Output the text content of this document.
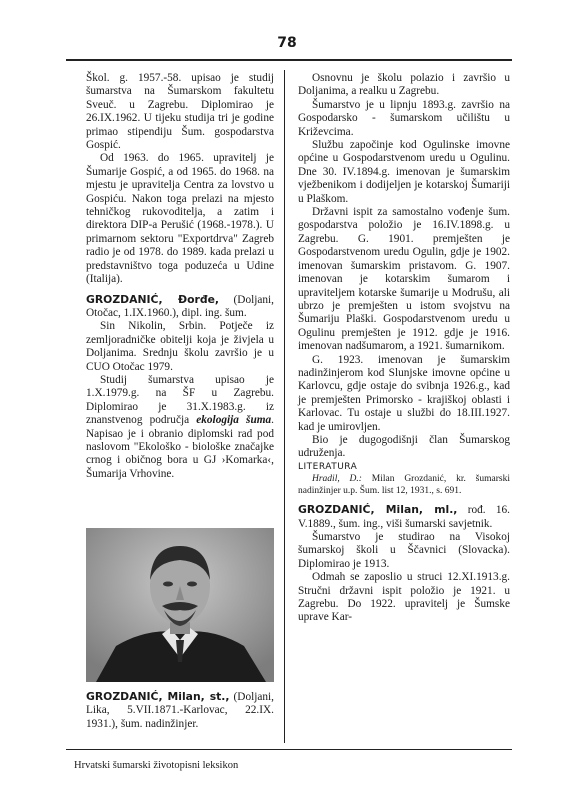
78

Škol. g. 1957.-58. upisao je studij šumarstva na Šumarskom fakultetu Sveuč. u Zagrebu. Diplomirao je 26.IX.1962. U tijeku studija tri je godine primao stipendiju Šum. gospodarstva Gospić.

Od 1963. do 1965. upravitelj je Šumarije Gospić, a od 1965. do 1968. na mjestu je upravitelja Centra za lovstvo u Gospiću. Nakon toga prelazi na mjesto tehničkog rukovoditelja, a zatim i direktora DIP-a Perušić (1968.-1978.). U primarnom sektoru "Exportdrva" Zagreb radio je od 1978. do 1989. kada prelazi u predstavništvo toga poduzeća u Udine (Italija).

GROZDANIĆ, Đorđe, (Doljani, Otočac, 1.IX.1960.), dipl. ing. šum.

Sin Nikolin, Srbin. Potječe iz zemljoradničke obitelji koja je živjela u Doljanima. Srednju školu završio je u CUO Otočac 1979.

Studij šumarstva upisao je 1.X.1979.g. na ŠF u Zagrebu. Diplomirao je 31.X.1983.g. iz znanstvenog područja ekologija šuma. Napisao je i obranio diplomski rad pod naslovom "Ekološko - biološke značajke crnog i običnog bora u GJ ›Komarka‹, Šumarija Vrhovine.

GROZDANIĆ, Milan, st., (Doljani, Lika, 5.VII.1871.-Karlovac, 22.IX. 1931.), šum. nadinžinjer.

Osnovnu je školu polazio i završio u Doljanima, a realku u Zagrebu.

Šumarstvo je u lipnju 1893.g. završio na Gospodarsko - šumarskom učilištu u Križevcima.

Službu započinje kod Ogulinske imovne općine u Gospodarstvenom uredu u Ogulinu. Dne 30. IV.1894.g. imenovan je šumarskim vježbenikom i dodijeljen je kotarskoj Šumariji u Plaškom.

Državni ispit za samostalno vođenje šum. gospodarstva položio je 16.IV.1898.g. u Zagrebu. G. 1901. premješten je Gospodarstvenom uredu Ogulin, gdje je 1902. imenovan šumarskim pristavom. G. 1907. imenovan je kotarskim šumarom i upraviteljem kotarske šumarije u Modrušu, ali ubrzo je premješten u istom svojstvu na Šumariju Plaški. Gospodarstvenom uredu u Ogulinu premješten je 1912. gdje je 1916. imenovan nadšumarom, a 1921. šumarnikom.

G. 1923. imenovan je šumarskim nadinžinjerom kod Slunjske imovne općine u Karlovcu, gdje ostaje do svibnja 1926.g., kad je premješten Primorsko - krajiškoj oblasti i Karlovac. Tu ostaje u službi do 18.III.1927. kad je umirovljen.

Bio je dugogodišnji član Šumarskog udruženja.

LITERATURA

Hradil, D.: Milan Grozdanić, kr. šumarski nadinžinjer u.p. Šum. list 12, 1931., s. 691.

GROZDANIĆ, Milan, ml., rođ. 16. V.1889., šum. ing., viši šumarski savjetnik.

Šumarstvo je studirao na Visokoj šumarskoj školi u Ščavnici (Slovacka). Diplomirao je 1913.

Odmah se zaposlio u struci 12.XI.1913.g. Stručni državni ispit položio je 1921. u Zagrebu. Do 1922. upravitelj je Šumske uprave Kar-

Hrvatski šumarski životopisni leksikon
